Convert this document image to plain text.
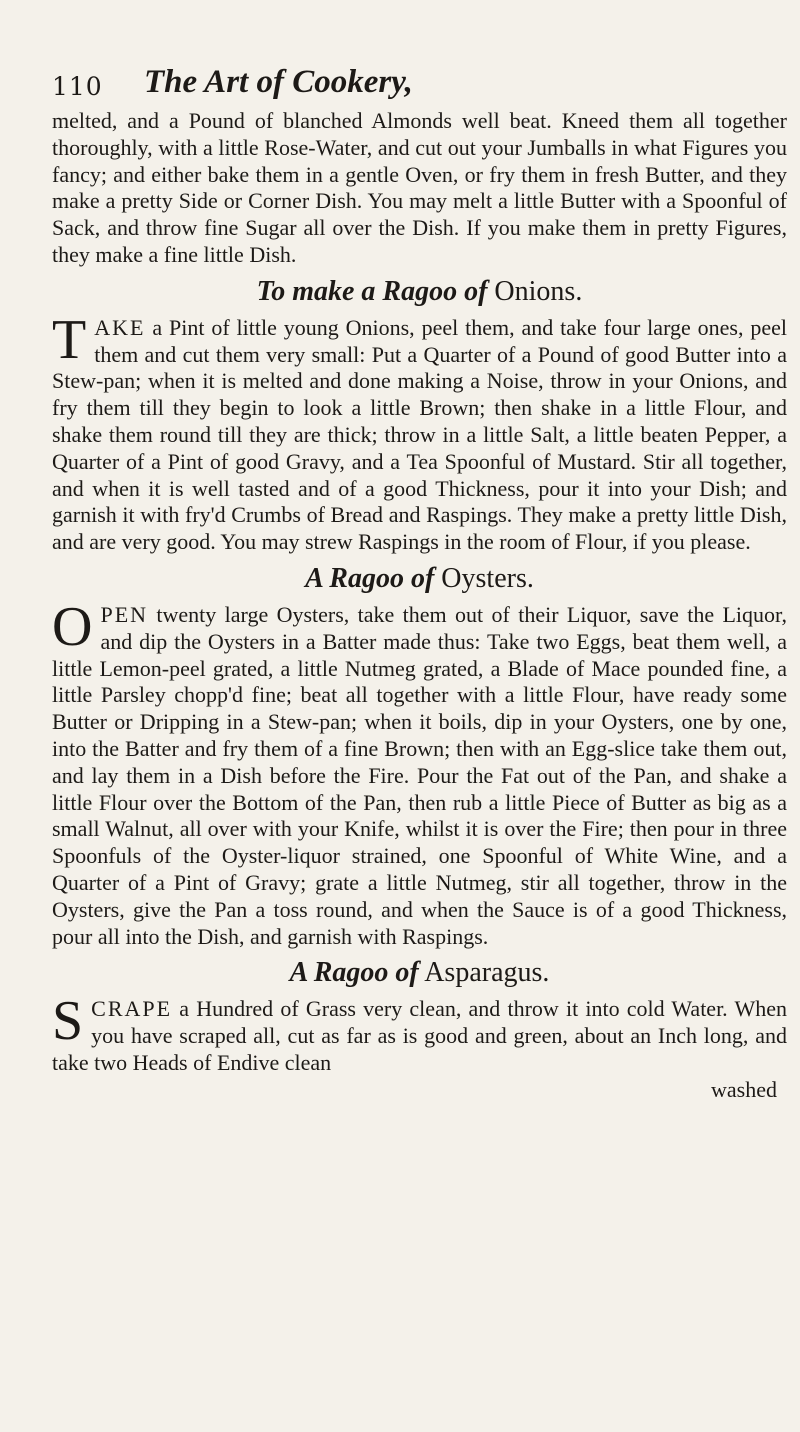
110 The Art of Cookery,

melted, and a Pound of blanched Almonds well beat. Kneed them all together thoroughly, with a little Rose-Water, and cut out your Jumballs in what Figures you fancy; and either bake them in a gentle Oven, or fry them in fresh Butter, and they make a pretty Side or Corner Dish. You may melt a little Butter with a Spoonful of Sack, and throw fine Sugar all over the Dish. If you make them in pretty Figures, they make a fine little Dish.

To make a Ragoo of Onions.

TAKE a Pint of little young Onions, peel them, and take four large ones, peel them and cut them very small: Put a Quarter of a Pound of good Butter into a Stew-pan; when it is melted and done making a Noise, throw in your Onions, and fry them till they begin to look a little Brown; then shake in a little Flour, and shake them round till they are thick; throw in a little Salt, a little beaten Pepper, a Quarter of a Pint of good Gravy, and a Tea Spoonful of Mustard. Stir all together, and when it is well tasted and of a good Thickness, pour it into your Dish; and garnish it with fry'd Crumbs of Bread and Raspings. They make a pretty little Dish, and are very good. You may strew Raspings in the room of Flour, if you please.

A Ragoo of Oysters.

OPEN twenty large Oysters, take them out of their Liquor, save the Liquor, and dip the Oysters in a Batter made thus: Take two Eggs, beat them well, a little Lemon-peel grated, a little Nutmeg grated, a Blade of Mace pounded fine, a little Parsley chopp'd fine; beat all together with a little Flour, have ready some Butter or Dripping in a Stew-pan; when it boils, dip in your Oysters, one by one, into the Batter and fry them of a fine Brown; then with an Egg-slice take them out, and lay them in a Dish before the Fire. Pour the Fat out of the Pan, and shake a little Flour over the Bottom of the Pan, then rub a little Piece of Butter as big as a small Walnut, all over with your Knife, whilst it is over the Fire; then pour in three Spoonfuls of the Oyster-liquor strained, one Spoonful of White Wine, and a Quarter of a Pint of Gravy; grate a little Nutmeg, stir all together, throw in the Oysters, give the Pan a toss round, and when the Sauce is of a good Thickness, pour all into the Dish, and garnish with Raspings.

A Ragoo of Asparagus.

SCRAPE a Hundred of Grass very clean, and throw it into cold Water. When you have scraped all, cut as far as is good and green, about an Inch long, and take two Heads of Endive clean

washed
